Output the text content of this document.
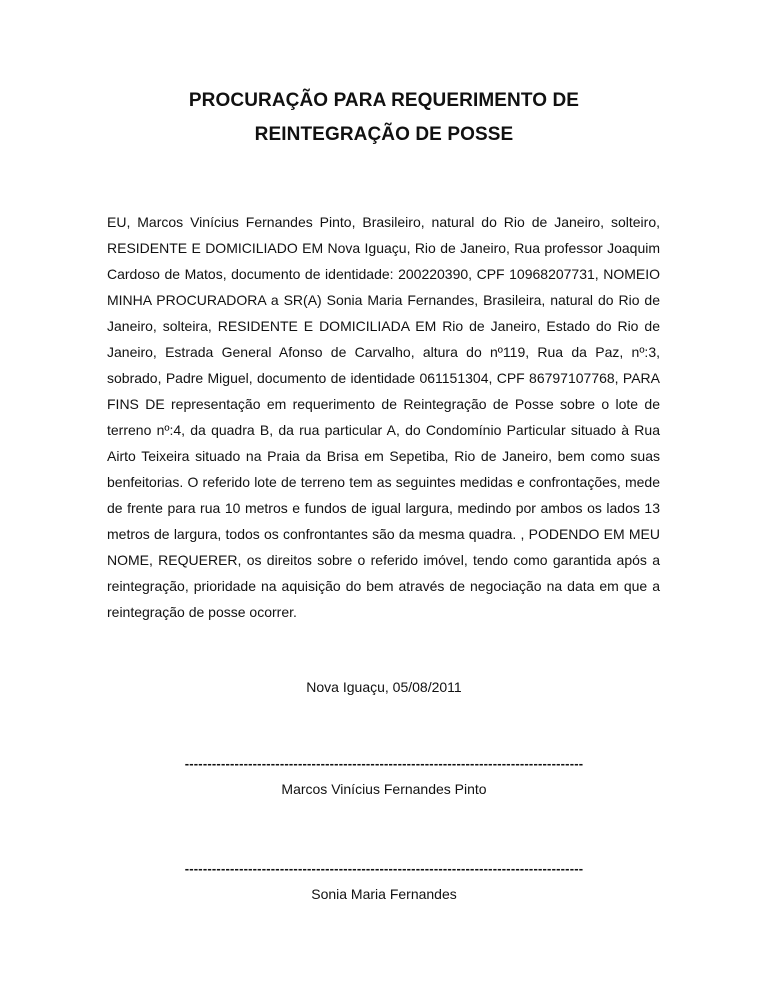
PROCURAÇÃO PARA REQUERIMENTO DE
REINTEGRAÇÃO DE POSSE

EU, Marcos Vinícius Fernandes Pinto, Brasileiro, natural do Rio de Janeiro, solteiro, RESIDENTE E DOMICILIADO EM Nova Iguaçu, Rio de Janeiro, Rua professor Joaquim Cardoso de Matos, documento de identidade: 200220390, CPF 10968207731, NOMEIO MINHA PROCURADORA a SR(A) Sonia Maria Fernandes, Brasileira, natural do Rio de Janeiro, solteira, RESIDENTE E DOMICILIADA EM Rio de Janeiro, Estado do Rio de Janeiro, Estrada General Afonso de Carvalho, altura do nº119, Rua da Paz, nº:3, sobrado, Padre Miguel, documento de identidade 061151304, CPF 86797107768, PARA FINS DE representação em requerimento de Reintegração de Posse sobre o lote de terreno nº:4, da quadra B, da rua particular A, do Condomínio Particular situado à Rua Airto Teixeira situado na Praia da Brisa em Sepetiba, Rio de Janeiro, bem como suas benfeitorias. O referido lote de terreno tem as seguintes medidas e confrontações, mede de frente para rua 10 metros e fundos de igual largura, medindo por ambos os lados 13 metros de largura, todos os confrontantes são da mesma quadra. , PODENDO EM MEU NOME, REQUERER, os direitos sobre o referido imóvel, tendo como garantida após a reintegração, prioridade na aquisição do bem através de negociação na data em que a reintegração de posse ocorrer.

Nova Iguaçu, 05/08/2011
----------------------------------------------------------------------------------------
Marcos Vinícius Fernandes Pinto
----------------------------------------------------------------------------------------
Sonia Maria Fernandes
